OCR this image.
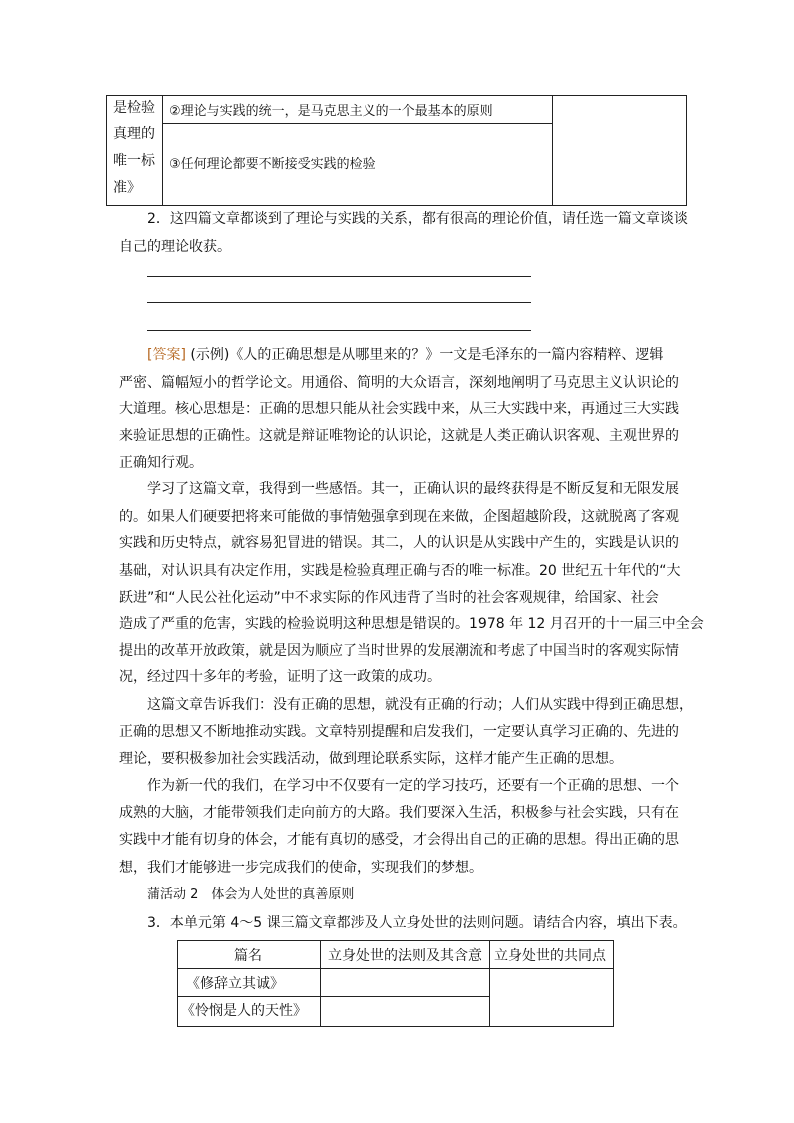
是检验
真理的
唯一标
准》
②理论与实践的统一，是马克思主义的一个最基本的原则
③任何理论都要不断接受实践的检验
2．这四篇文章都谈到了理论与实践的关系，都有很高的理论价值，请任选一篇文章谈谈
自己的理论收获。
[答案] (示例)《人的正确思想是从哪里来的？》一文是毛泽东的一篇内容精粹、逻辑
严密、篇幅短小的哲学论文。用通俗、简明的大众语言，深刻地阐明了马克思主义认识论的
大道理。核心思想是：正确的思想只能从社会实践中来，从三大实践中来，再通过三大实践
来验证思想的正确性。这就是辩证唯物论的认识论，这就是人类正确认识客观、主观世界的
正确知行观。
学习了这篇文章，我得到一些感悟。其一，正确认识的最终获得是不断反复和无限发展
的。如果人们硬要把将来可能做的事情勉强拿到现在来做，企图超越阶段，这就脱离了客观
实践和历史特点，就容易犯冒进的错误。其二，人的认识是从实践中产生的，实践是认识的
基础，对认识具有决定作用，实践是检验真理正确与否的唯一标准。20 世纪五十年代的“大
跃进”和“人民公社化运动”中不求实际的作风违背了当时的社会客观规律，给国家、社会
造成了严重的危害，实践的检验说明这种思想是错误的。1978 年 12 月召开的十一届三中全会
提出的改革开放政策，就是因为顺应了当时世界的发展潮流和考虑了中国当时的客观实际情
况，经过四十多年的考验，证明了这一政策的成功。
这篇文章告诉我们：没有正确的思想，就没有正确的行动；人们从实践中得到正确思想，
正确的思想又不断地推动实践。文章特别提醒和启发我们，一定要认真学习正确的、先进的
理论，要积极参加社会实践活动，做到理论联系实际，这样才能产生正确的思想。
作为新一代的我们，在学习中不仅要有一定的学习技巧，还要有一个正确的思想、一个
成熟的大脑，才能带领我们走向前方的大路。我们要深入生活，积极参与社会实践，只有在
实践中才能有切身的体会，才能有真切的感受，才会得出自己的正确的思想。得出正确的思
想，我们才能够进一步完成我们的使命，实现我们的梦想。
蒲活动 2　体会为人处世的真善原则
3．本单元第 4～5 课三篇文章都涉及人立身处世的法则问题。请结合内容，填出下表。
篇名	立身处世的法则及其含意 立身处世的共同点
《修辞立其诚》
《怜悯是人的天性》
